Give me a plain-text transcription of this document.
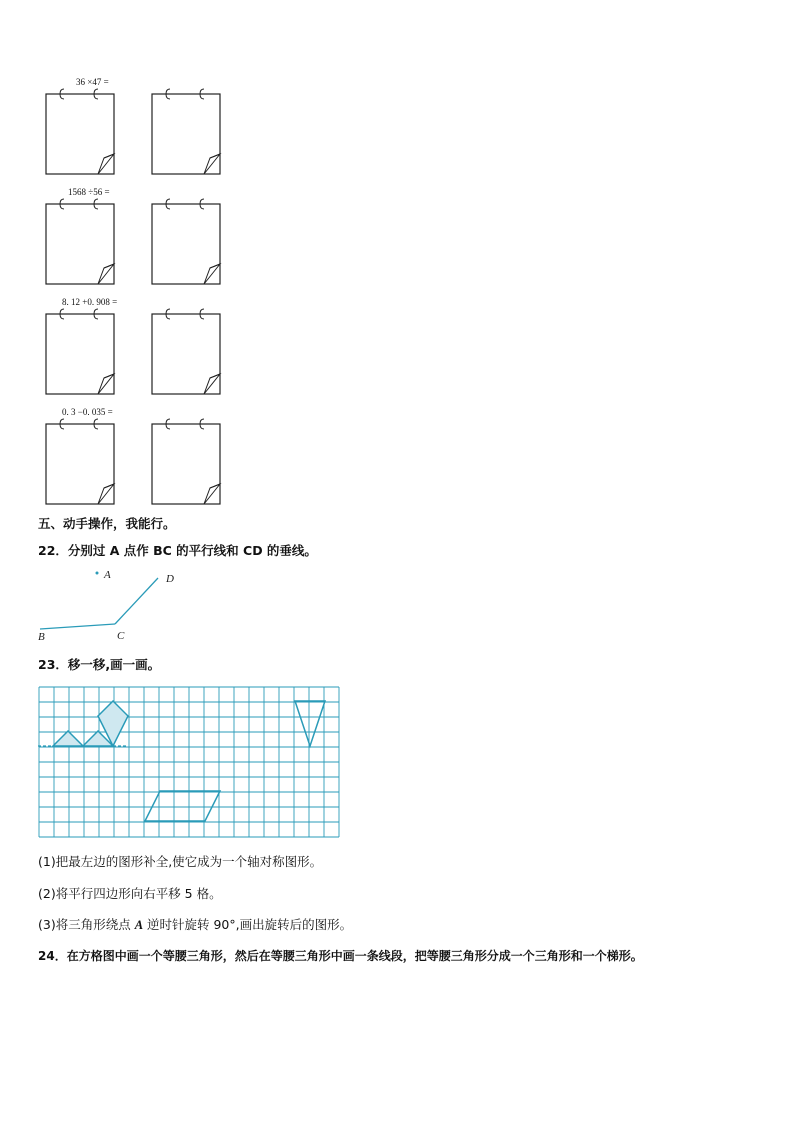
36 ×47 =
1568 ÷56 =
8. 12 +0. 908 =
0. 3 −0. 035 =
五、动手操作，我能行。
22．分别过 A 点作 BC 的平行线和 CD 的垂线。
A	D
B	C
23．移一移,画一画。
(1)把最左边的图形补全,使它成为一个轴对称图形。
(2)将平行四边形向右平移 5 格。
(3)将三角形绕点 A 逆时针旋转 90°,画出旋转后的图形。
24．在方格图中画一个等腰三角形，然后在等腰三角形中画一条线段，把等腰三角形分成一个三角形和一个梯形。
